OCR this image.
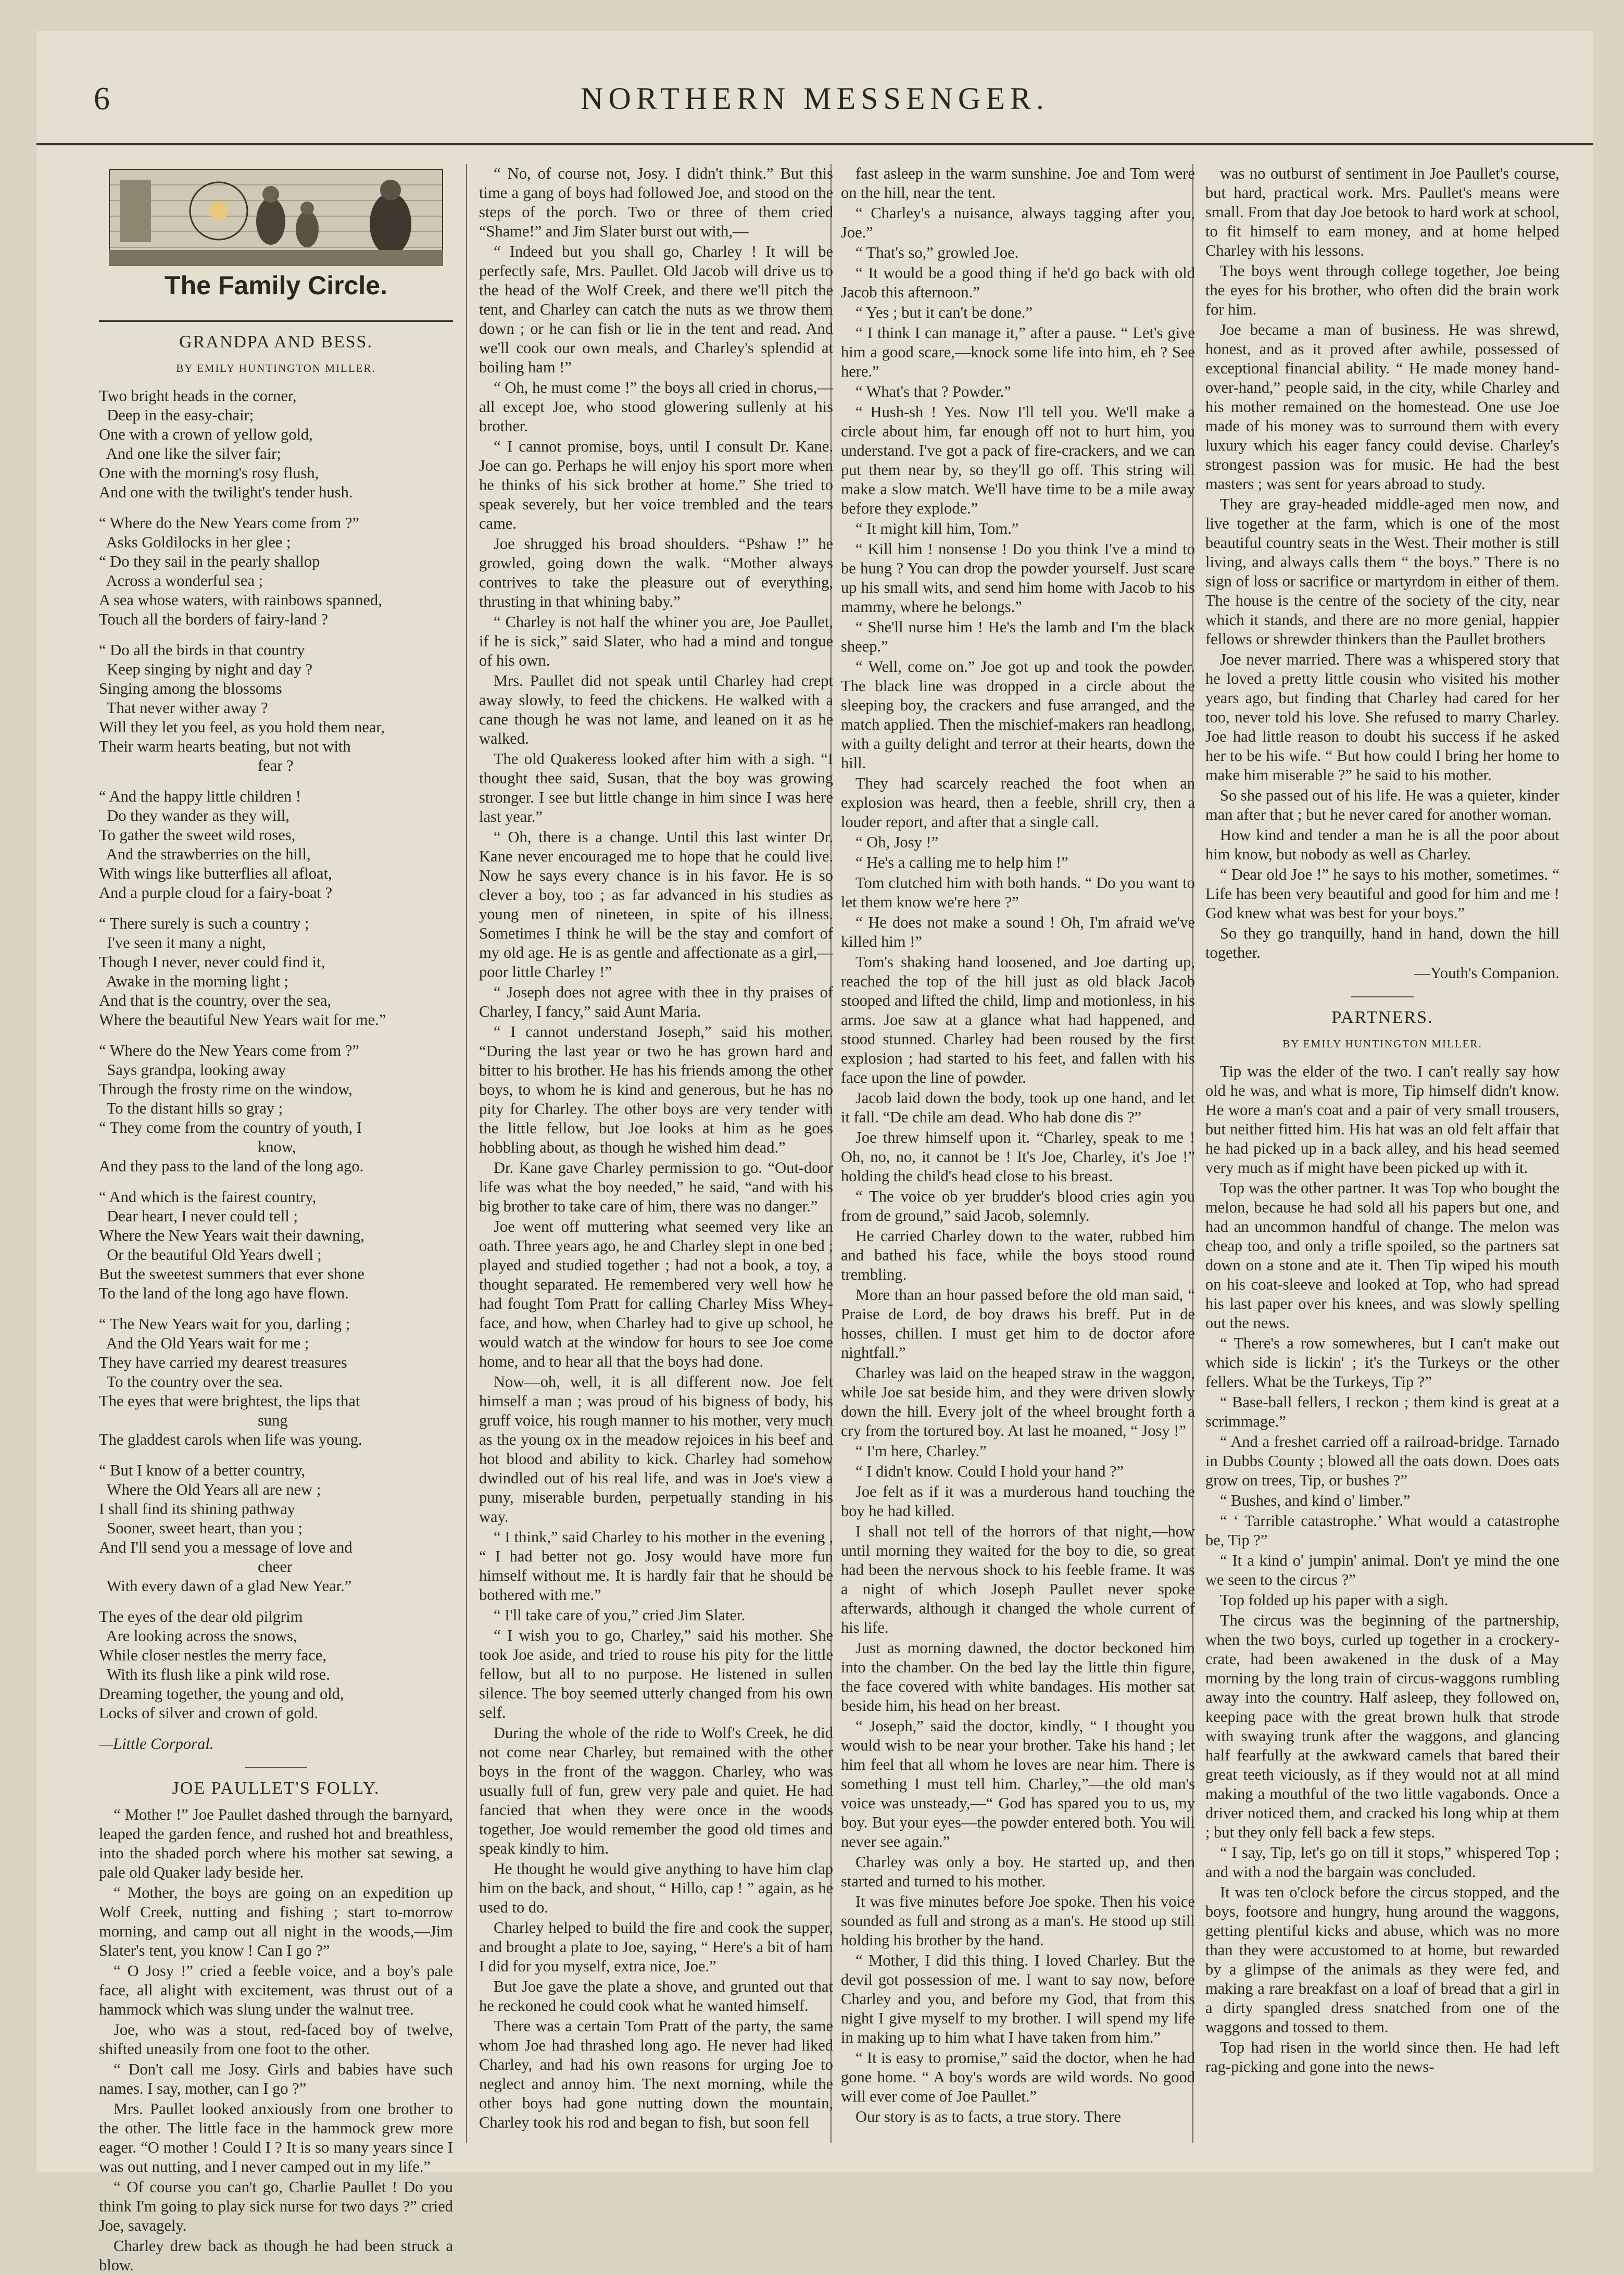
6	NORTHERN MESSENGER.
The Family Circle.
GRANDPA AND BESS.
BY EMILY HUNTINGTON MILLER.
Two bright heads in the corner,
Deep in the easy-chair;
One with a crown of yellow gold,
And one like the silver fair;
One with the morning's rosy flush,
And one with the twilight's tender hush.
“ Where do the New Years come from ?”
Asks Goldilocks in her glee ;
“ Do they sail in the pearly shallop
Across a wonderful sea ;
A sea whose waters, with rainbows spanned,
Touch all the borders of fairy-land ?
“ Do all the birds in that country
Keep singing by night and day ?
Singing among the blossoms
That never wither away ?
Will they let you feel, as you hold them near,
Their warm hearts beating, but not with
fear ?
“ And the happy little children !
Do they wander as they will,
To gather the sweet wild roses,
And the strawberries on the hill,
With wings like butterflies all afloat,
And a purple cloud for a fairy-boat ?
“ There surely is such a country ;
I've seen it many a night,
Though I never, never could find it,
Awake in the morning light ;
And that is the country, over the sea,
Where the beautiful New Years wait for me.”
“ Where do the New Years come from ?”
Says grandpa, looking away
Through the frosty rime on the window,
To the distant hills so gray ;
“ They come from the country of youth, I
know,
And they pass to the land of the long ago.
“ And which is the fairest country,
Dear heart, I never could tell ;
Where the New Years wait their dawning,
Or the beautiful Old Years dwell ;
But the sweetest summers that ever shone
To the land of the long ago have flown.
“ The New Years wait for you, darling ;
And the Old Years wait for me ;
They have carried my dearest treasures
To the country over the sea.
The eyes that were brightest, the lips that
sung
The gladdest carols when life was young.
“ But I know of a better country,
Where the Old Years all are new ;
I shall find its shining pathway
Sooner, sweet heart, than you ;
And I'll send you a message of love and
cheer
With every dawn of a glad New Year.”
The eyes of the dear old pilgrim
Are looking across the snows,
While closer nestles the merry face,
With its flush like a pink wild rose.
Dreaming together, the young and old,
Locks of silver and crown of gold.
—Little Corporal.
JOE PAULLET'S FOLLY.

“ Mother !” Joe Paullet dashed through the barnyard, leaped the garden fence, and rushed hot and breathless, into the shaded porch where his mother sat sewing, a pale old Quaker lady beside her.

“ Mother, the boys are going on an expedition up Wolf Creek, nutting and fishing ; start to-morrow morning, and camp out all night in the woods,—Jim Slater's tent, you know ! Can I go ?”

“ O Josy !” cried a feeble voice, and a boy's pale face, all alight with excitement, was thrust out of a hammock which was slung under the walnut tree.

Joe, who was a stout, red-faced boy of twelve, shifted uneasily from one foot to the other.

“ Don't call me Josy. Girls and babies have such names. I say, mother, can I go ?”

Mrs. Paullet looked anxiously from one brother to the other. The little face in the hammock grew more eager. “O mother ! Could I ? It is so many years since I was out nutting, and I never camped out in my life.”

“ Of course you can't go, Charlie Paullet ! Do you think I'm going to play sick nurse for two days ?” cried Joe, savagely.

Charley drew back as though he had been struck a blow.

“ No, of course not, Josy. I didn't think.” But this time a gang of boys had followed Joe, and stood on the steps of the porch. Two or three of them cried “Shame!” and Jim Slater burst out with,—

“ Indeed but you shall go, Charley ! It will be perfectly safe, Mrs. Paullet. Old Jacob will drive us to the head of the Wolf Creek, and there we'll pitch the tent, and Charley can catch the nuts as we throw them down ; or he can fish or lie in the tent and read. And we'll cook our own meals, and Charley's splendid at boiling ham !”

“ Oh, he must come !” the boys all cried in chorus,—all except Joe, who stood glowering sullenly at his brother.

“ I cannot promise, boys, until I consult Dr. Kane. Joe can go. Perhaps he will enjoy his sport more when he thinks of his sick brother at home.” She tried to speak severely, but her voice trembled and the tears came.

Joe shrugged his broad shoulders. “Pshaw !” he growled, going down the walk. “Mother always contrives to take the pleasure out of everything, thrusting in that whining baby.”

“ Charley is not half the whiner you are, Joe Paullet, if he is sick,” said Slater, who had a mind and tongue of his own.

Mrs. Paullet did not speak until Charley had crept away slowly, to feed the chickens. He walked with a cane though he was not lame, and leaned on it as he walked.

The old Quakeress looked after him with a sigh. “I thought thee said, Susan, that the boy was growing stronger. I see but little change in him since I was here last year.”

“ Oh, there is a change. Until this last winter Dr. Kane never encouraged me to hope that he could live. Now he says every chance is in his favor. He is so clever a boy, too ; as far advanced in his studies as young men of nineteen, in spite of his illness. Sometimes I think he will be the stay and comfort of my old age. He is as gentle and affectionate as a girl,—poor little Charley !”

“ Joseph does not agree with thee in thy praises of Charley, I fancy,” said Aunt Maria.

“ I cannot understand Joseph,” said his mother. “During the last year or two he has grown hard and bitter to his brother. He has his friends among the other boys, to whom he is kind and generous, but he has no pity for Charley. The other boys are very tender with the little fellow, but Joe looks at him as he goes hobbling about, as though he wished him dead.”

Dr. Kane gave Charley permission to go. “Out-door life was what the boy needed,” he said, “and with his big brother to take care of him, there was no danger.”

Joe went off muttering what seemed very like an oath. Three years ago, he and Charley slept in one bed ; played and studied together ; had not a book, a toy, a thought separated. He remembered very well how he had fought Tom Pratt for calling Charley Miss Whey-face, and how, when Charley had to give up school, he would watch at the window for hours to see Joe come home, and to hear all that the boys had done.

Now—oh, well, it is all different now. Joe felt himself a man ; was proud of his bigness of body, his gruff voice, his rough manner to his mother, very much as the young ox in the meadow rejoices in his beef and hot blood and ability to kick. Charley had somehow dwindled out of his real life, and was in Joe's view a puny, miserable burden, perpetually standing in his way.

“ I think,” said Charley to his mother in the evening , “ I had better not go. Josy would have more fun himself without me. It is hardly fair that he should be bothered with me.”

“ I'll take care of you,” cried Jim Slater.

“ I wish you to go, Charley,” said his mother. She took Joe aside, and tried to rouse his pity for the little fellow, but all to no purpose. He listened in sullen silence. The boy seemed utterly changed from his own self.

During the whole of the ride to Wolf's Creek, he did not come near Charley, but remained with the other boys in the front of the waggon. Charley, who was usually full of fun, grew very pale and quiet. He had fancied that when they were once in the woods together, Joe would remember the good old times and speak kindly to him.

He thought he would give anything to have him clap him on the back, and shout, “ Hillo, cap ! ” again, as he used to do.

Charley helped to build the fire and cook the supper, and brought a plate to Joe, saying, “ Here's a bit of ham I did for you myself, extra nice, Joe.”

But Joe gave the plate a shove, and grunted out that he reckoned he could cook what he wanted himself.

There was a certain Tom Pratt of the party, the same whom Joe had thrashed long ago. He never had liked Charley, and had his own reasons for urging Joe to neglect and annoy him. The next morning, while the other boys had gone nutting down the mountain, Charley took his rod and began to fish, but soon fell

fast asleep in the warm sunshine. Joe and Tom were on the hill, near the tent.

“ Charley's a nuisance, always tagging after you, Joe.”

“ That's so,” growled Joe.

“ It would be a good thing if he'd go back with old Jacob this afternoon.”

“ Yes ; but it can't be done.”

“ I think I can manage it,” after a pause. “ Let's give him a good scare,—knock some life into him, eh ? See here.”

“ What's that ? Powder.”

“ Hush-sh ! Yes. Now I'll tell you. We'll make a circle about him, far enough off not to hurt him, you understand. I've got a pack of fire-crackers, and we can put them near by, so they'll go off. This string will make a slow match. We'll have time to be a mile away before they explode.”

“ It might kill him, Tom.”

“ Kill him ! nonsense ! Do you think I've a mind to be hung ? You can drop the powder yourself. Just scare up his small wits, and send him home with Jacob to his mammy, where he belongs.”

“ She'll nurse him ! He's the lamb and I'm the black sheep.”

“ Well, come on.” Joe got up and took the powder. The black line was dropped in a circle about the sleeping boy, the crackers and fuse arranged, and the match applied. Then the mischief-makers ran headlong, with a guilty delight and terror at their hearts, down the hill.

They had scarcely reached the foot when an explosion was heard, then a feeble, shrill cry, then a louder report, and after that a single call.

“ Oh, Josy !”

“ He's a calling me to help him !”

Tom clutched him with both hands. “ Do you want to let them know we're here ?”

“ He does not make a sound ! Oh, I'm afraid we've killed him !”

Tom's shaking hand loosened, and Joe darting up, reached the top of the hill just as old black Jacob stooped and lifted the child, limp and motionless, in his arms. Joe saw at a glance what had happened, and stood stunned. Charley had been roused by the first explosion ; had started to his feet, and fallen with his face upon the line of powder.

Jacob laid down the body, took up one hand, and let it fall. “De chile am dead. Who hab done dis ?”

Joe threw himself upon it. “Charley, speak to me ! Oh, no, no, it cannot be ! It's Joe, Charley, it's Joe !” holding the child's head close to his breast.

“ The voice ob yer brudder's blood cries agin you from de ground,” said Jacob, solemnly.

He carried Charley down to the water, rubbed him and bathed his face, while the boys stood round trembling.

More than an hour passed before the old man said, “ Praise de Lord, de boy draws his breff. Put in de hosses, chillen. I must get him to de doctor afore nightfall.”

Charley was laid on the heaped straw in the waggon, while Joe sat beside him, and they were driven slowly down the hill. Every jolt of the wheel brought forth a cry from the tortured boy. At last he moaned, “ Josy !”

“ I'm here, Charley.”

“ I didn't know. Could I hold your hand ?”

Joe felt as if it was a murderous hand touching the boy he had killed.

I shall not tell of the horrors of that night,—how until morning they waited for the boy to die, so great had been the nervous shock to his feeble frame. It was a night of which Joseph Paullet never spoke afterwards, although it changed the whole current of his life.

Just as morning dawned, the doctor beckoned him into the chamber. On the bed lay the little thin figure, the face covered with white bandages. His mother sat beside him, his head on her breast.

“ Joseph,” said the doctor, kindly, “ I thought you would wish to be near your brother. Take his hand ; let him feel that all whom he loves are near him. There is something I must tell him. Charley,”—the old man's voice was unsteady,—“ God has spared you to us, my boy. But your eyes—the powder entered both. You will never see again.”

Charley was only a boy. He started up, and then started and turned to his mother.

It was five minutes before Joe spoke. Then his voice sounded as full and strong as a man's. He stood up still holding his brother by the hand.

“ Mother, I did this thing. I loved Charley. But the devil got possession of me. I want to say now, before Charley and you, and before my God, that from this night I give myself to my brother. I will spend my life in making up to him what I have taken from him.”

“ It is easy to promise,” said the doctor, when he had gone home. “ A boy's words are wild words. No good will ever come of Joe Paullet.”

Our story is as to facts, a true story. There

was no outburst of sentiment in Joe Paullet's course, but hard, practical work. Mrs. Paullet's means were small. From that day Joe betook to hard work at school, to fit himself to earn money, and at home helped Charley with his lessons.

The boys went through college together, Joe being the eyes for his brother, who often did the brain work for him.

Joe became a man of business. He was shrewd, honest, and as it proved after awhile, possessed of exceptional financial ability. “ He made money hand-over-hand,” people said, in the city, while Charley and his mother remained on the homestead. One use Joe made of his money was to surround them with every luxury which his eager fancy could devise. Charley's strongest passion was for music. He had the best masters ; was sent for years abroad to study.

They are gray-headed middle-aged men now, and live together at the farm, which is one of the most beautiful country seats in the West. Their mother is still living, and always calls them “ the boys.” There is no sign of loss or sacrifice or martyrdom in either of them. The house is the centre of the society of the city, near which it stands, and there are no more genial, happier fellows or shrewder thinkers than the Paullet brothers

Joe never married. There was a whispered story that he loved a pretty little cousin who visited his mother years ago, but finding that Charley had cared for her too, never told his love. She refused to marry Charley. Joe had little reason to doubt his success if he asked her to be his wife. “ But how could I bring her home to make him miserable ?” he said to his mother.

So she passed out of his life. He was a quieter, kinder man after that ; but he never cared for another woman.

How kind and tender a man he is all the poor about him know, but nobody as well as Charley.

“ Dear old Joe !” he says to his mother, sometimes. “ Life has been very beautiful and good for him and me ! God knew what was best for your boys.”

So they go tranquilly, hand in hand, down the hill together.

—Youth's Companion.

PARTNERS.
BY EMILY HUNTINGTON MILLER.

Tip was the elder of the two. I can't really say how old he was, and what is more, Tip himself didn't know. He wore a man's coat and a pair of very small trousers, but neither fitted him. His hat was an old felt affair that he had picked up in a back alley, and his head seemed very much as if might have been picked up with it.

Top was the other partner. It was Top who bought the melon, because he had sold all his papers but one, and had an uncommon handful of change. The melon was cheap too, and only a trifle spoiled, so the partners sat down on a stone and ate it. Then Tip wiped his mouth on his coat-sleeve and looked at Top, who had spread his last paper over his knees, and was slowly spelling out the news.

“ There's a row somewheres, but I can't make out which side is lickin' ; it's the Turkeys or the other fellers. What be the Turkeys, Tip ?”

“ Base-ball fellers, I reckon ; them kind is great at a scrimmage.”

“ And a freshet carried off a railroad-bridge. Tarnado in Dubbs County ; blowed all the oats down. Does oats grow on trees, Tip, or bushes ?”

“ Bushes, and kind o' limber.”

“ ‘ Tarrible catastrophe.’ What would a catastrophe be, Tip ?”

“ It a kind o' jumpin' animal. Don't ye mind the one we seen to the circus ?”

Top folded up his paper with a sigh.

The circus was the beginning of the partnership, when the two boys, curled up together in a crockery-crate, had been awakened in the dusk of a May morning by the long train of circus-waggons rumbling away into the country. Half asleep, they followed on, keeping pace with the great brown hulk that strode with swaying trunk after the waggons, and glancing half fearfully at the awkward camels that bared their great teeth viciously, as if they would not at all mind making a mouthful of the two little vagabonds. Once a driver noticed them, and cracked his long whip at them ; but they only fell back a few steps.

“ I say, Tip, let's go on till it stops,” whispered Top ; and with a nod the bargain was concluded.

It was ten o'clock before the circus stopped, and the boys, footsore and hungry, hung around the waggons, getting plentiful kicks and abuse, which was no more than they were accustomed to at home, but rewarded by a glimpse of the animals as they were fed, and making a rare breakfast on a loaf of bread that a girl in a dirty spangled dress snatched from one of the waggons and tossed to them.

Top had risen in the world since then. He had left rag-picking and gone into the news-
